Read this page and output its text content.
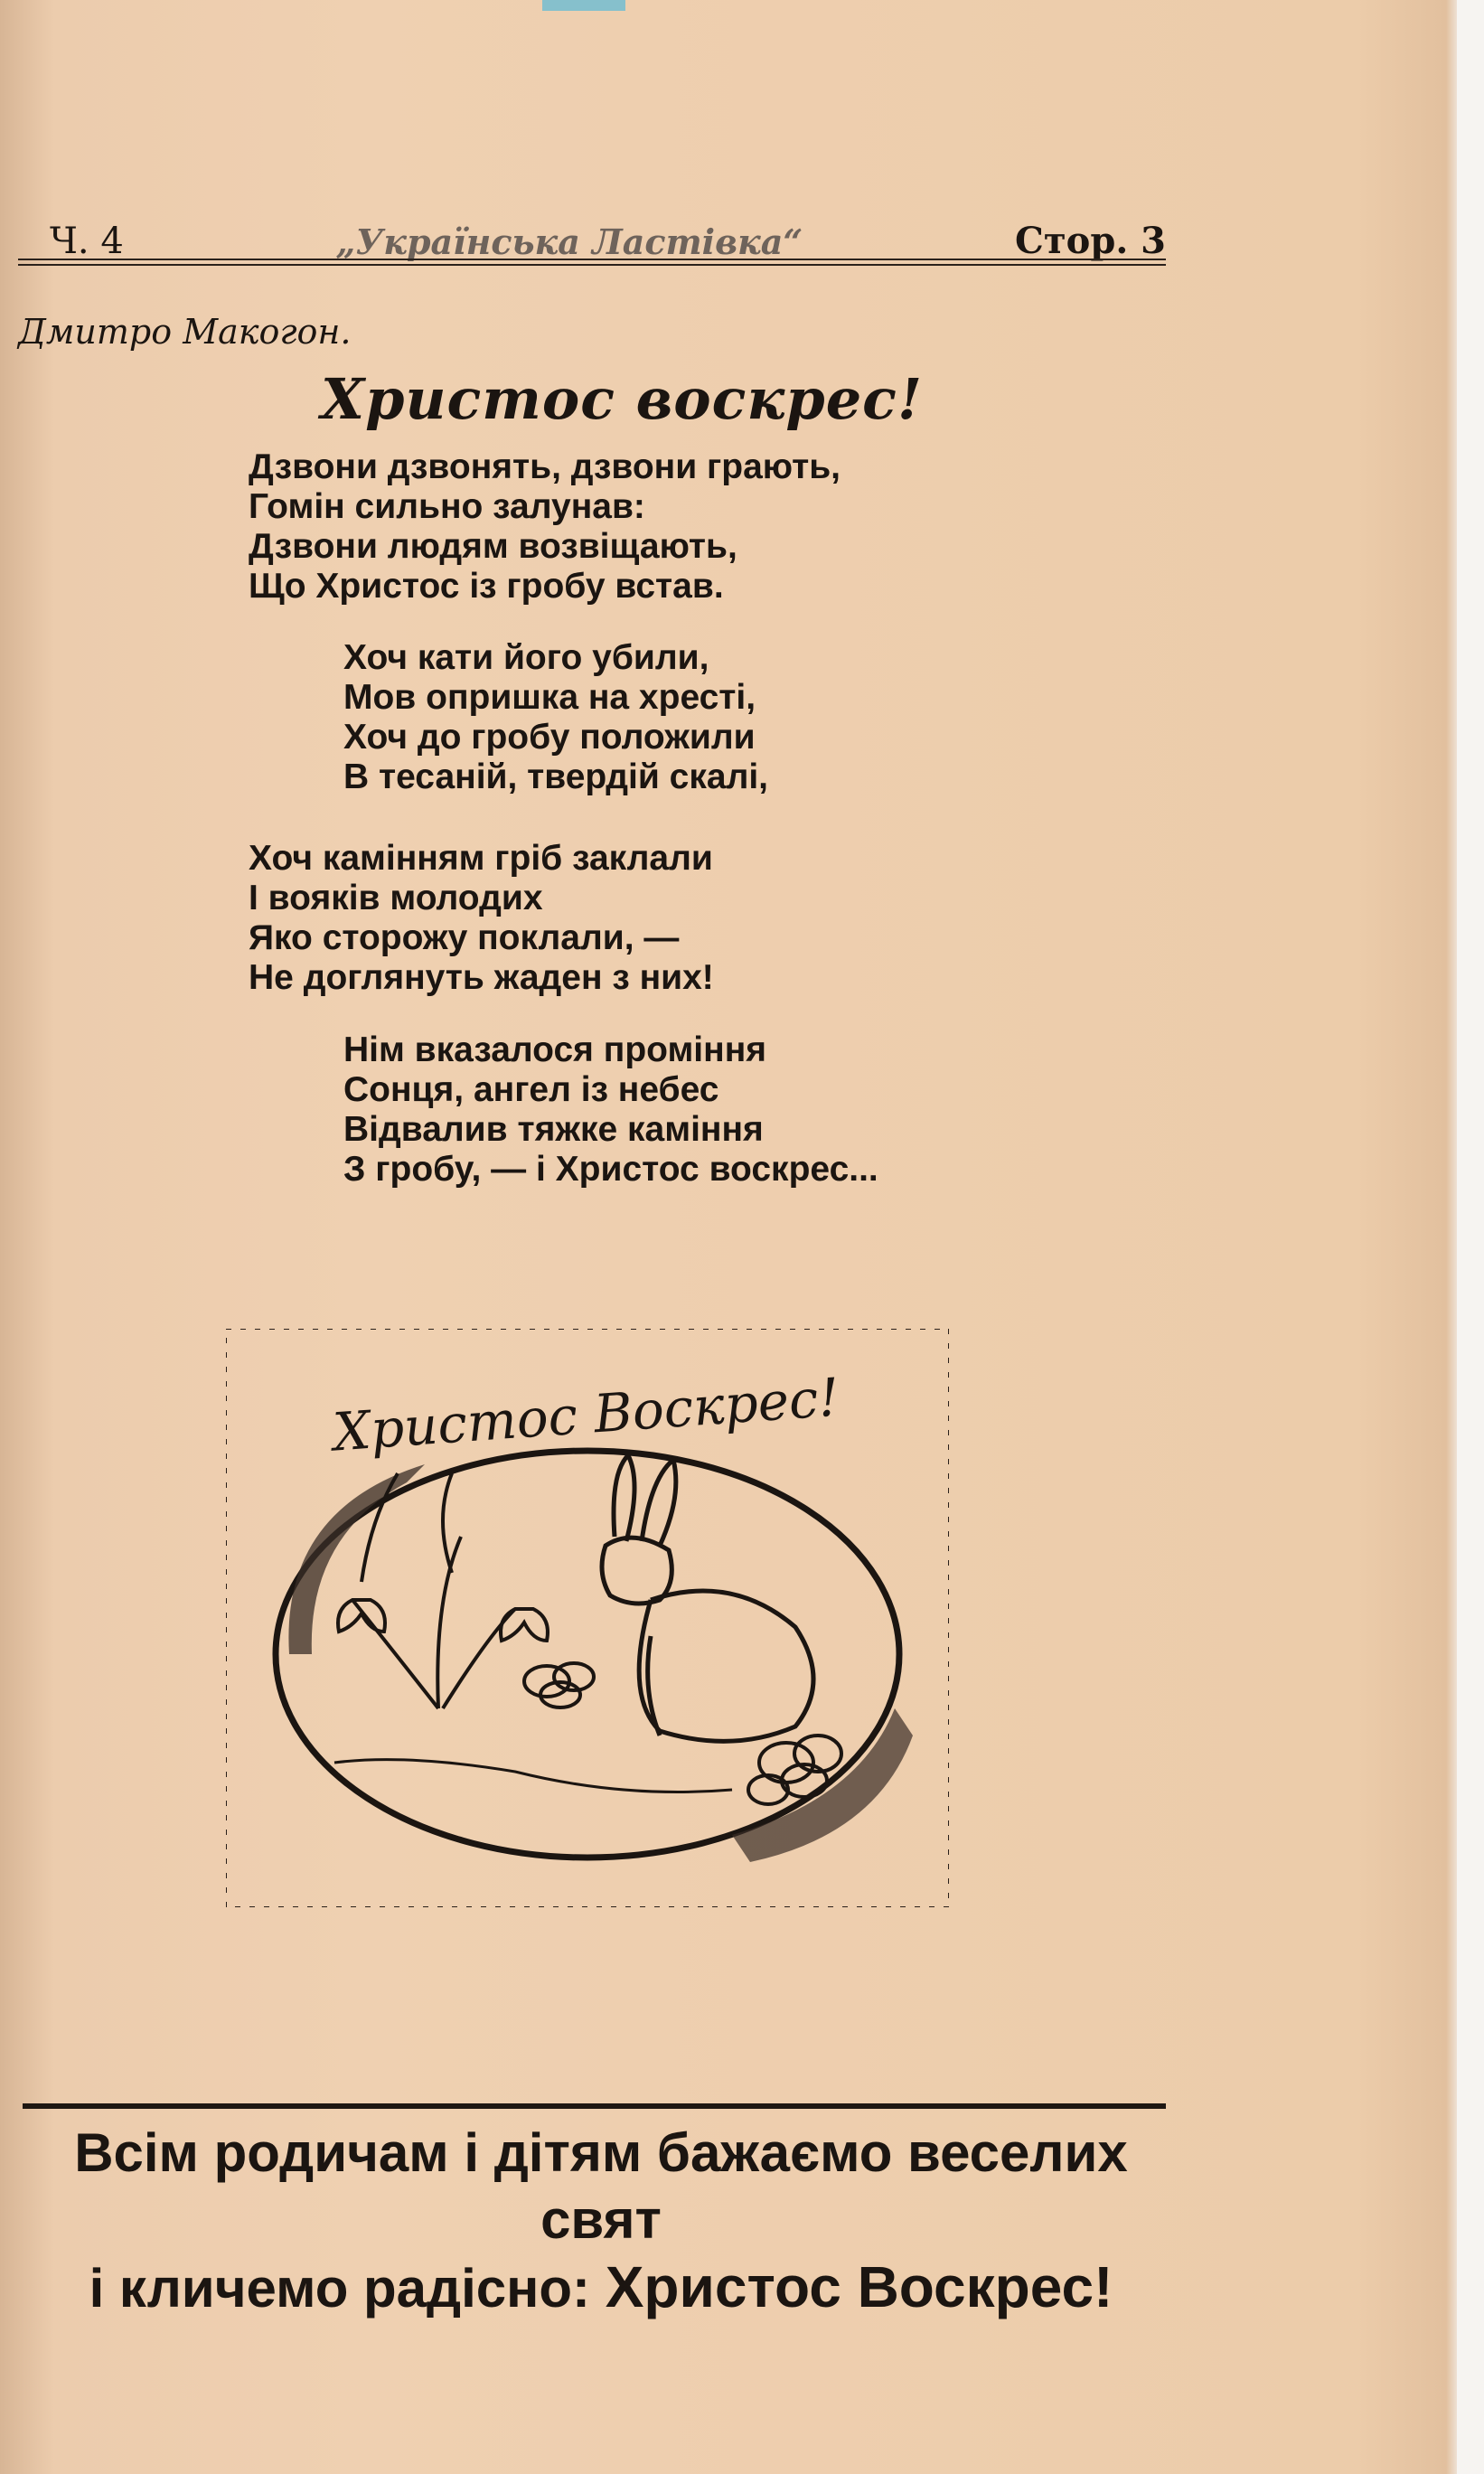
Ч. 4	„Українська Ластівка“	Стор. 3
Дмитро Макогон.
Христос воскрес!
Дзвони дзвонять, дзвони грають,
Гомін сильно залунав:
Дзвони людям возвіщають,
Що Христос із гробу встав.
Хоч кати його убили,
Мов опришка на хресті,
Хоч до гробу положили
В тесаній, твердій скалі,
Хоч камінням гріб заклали
І вояків молодих
Яко сторожу поклали, —
Не доглянуть жаден з них!
Нім вказалося проміння
Сонця, ангел із небес
Відвалив тяжке каміння
З гробу, — і Христос воскрес...
Христос Воскрес!
Всім родичам і дітям бажаємо веселих свят
і кличемо радісно: Христос Воскрес!
